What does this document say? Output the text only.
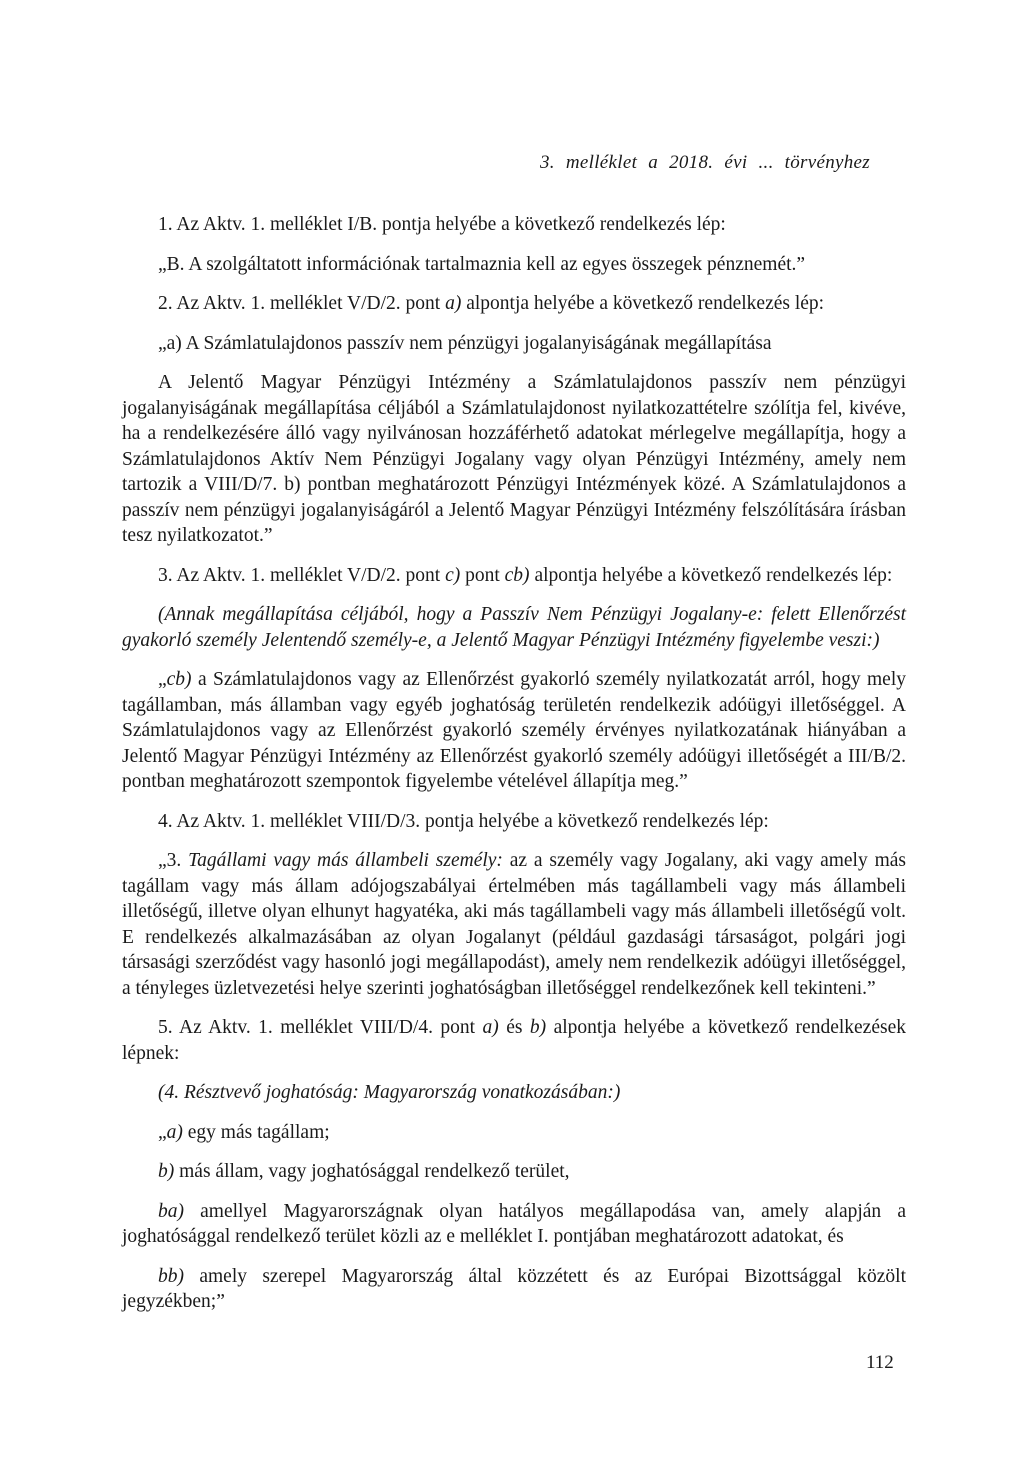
3. melléklet a 2018. évi ... törvényhez

1. Az Aktv. 1. melléklet I/B. pontja helyébe a következő rendelkezés lép:

„B. A szolgáltatott információnak tartalmaznia kell az egyes összegek pénznemét.”

2. Az Aktv. 1. melléklet V/D/2. pont a) alpontja helyébe a következő rendelkezés lép:

„a) A Számlatulajdonos passzív nem pénzügyi jogalanyiságának megállapítása

A Jelentő Magyar Pénzügyi Intézmény a Számlatulajdonos passzív nem pénzügyi jogalanyiságának megállapítása céljából a Számlatulajdonost nyilatkozattételre szólítja fel, kivéve, ha a rendelkezésére álló vagy nyilvánosan hozzáférhető adatokat mérlegelve megállapítja, hogy a Számlatulajdonos Aktív Nem Pénzügyi Jogalany vagy olyan Pénzügyi Intézmény, amely nem tartozik a VIII/D/7. b) pontban meghatározott Pénzügyi Intézmények közé. A Számlatulajdonos a passzív nem pénzügyi jogalanyiságáról a Jelentő Magyar Pénzügyi Intézmény felszólítására írásban tesz nyilatkozatot.”

3. Az Aktv. 1. melléklet V/D/2. pont c) pont cb) alpontja helyébe a következő rendelkezés lép:

(Annak megállapítása céljából, hogy a Passzív Nem Pénzügyi Jogalany-e: felett Ellenőrzést gyakorló személy Jelentendő személy-e, a Jelentő Magyar Pénzügyi Intézmény figyelembe veszi:)

„cb) a Számlatulajdonos vagy az Ellenőrzést gyakorló személy nyilatkozatát arról, hogy mely tagállamban, más államban vagy egyéb joghatóság területén rendelkezik adóügyi illetőséggel. A Számlatulajdonos vagy az Ellenőrzést gyakorló személy érvényes nyilatkozatának hiányában a Jelentő Magyar Pénzügyi Intézmény az Ellenőrzést gyakorló személy adóügyi illetőségét a III/B/2. pontban meghatározott szempontok figyelembe vételével állapítja meg.”

4. Az Aktv. 1. melléklet VIII/D/3. pontja helyébe a következő rendelkezés lép:

„3. Tagállami vagy más állambeli személy: az a személy vagy Jogalany, aki vagy amely más tagállam vagy más állam adójogszabályai értelmében más tagállambeli vagy más állambeli illetőségű, illetve olyan elhunyt hagyatéka, aki más tagállambeli vagy más állambeli illetőségű volt. E rendelkezés alkalmazásában az olyan Jogalanyt (például gazdasági társaságot, polgári jogi társasági szerződést vagy hasonló jogi megállapodást), amely nem rendelkezik adóügyi illetőséggel, a tényleges üzletvezetési helye szerinti joghatóságban illetőséggel rendelkezőnek kell tekinteni.”

5. Az Aktv. 1. melléklet VIII/D/4. pont a) és b) alpontja helyébe a következő rendelkezések lépnek:

(4. Résztvevő joghatóság: Magyarország vonatkozásában:)

„a) egy más tagállam;

b) más állam, vagy joghatósággal rendelkező terület,

ba) amellyel Magyarországnak olyan hatályos megállapodása van, amely alapján a joghatósággal rendelkező terület közli az e melléklet I. pontjában meghatározott adatokat, és

bb) amely szerepel Magyarország által közzétett és az Európai Bizottsággal közölt jegyzékben;”

112
